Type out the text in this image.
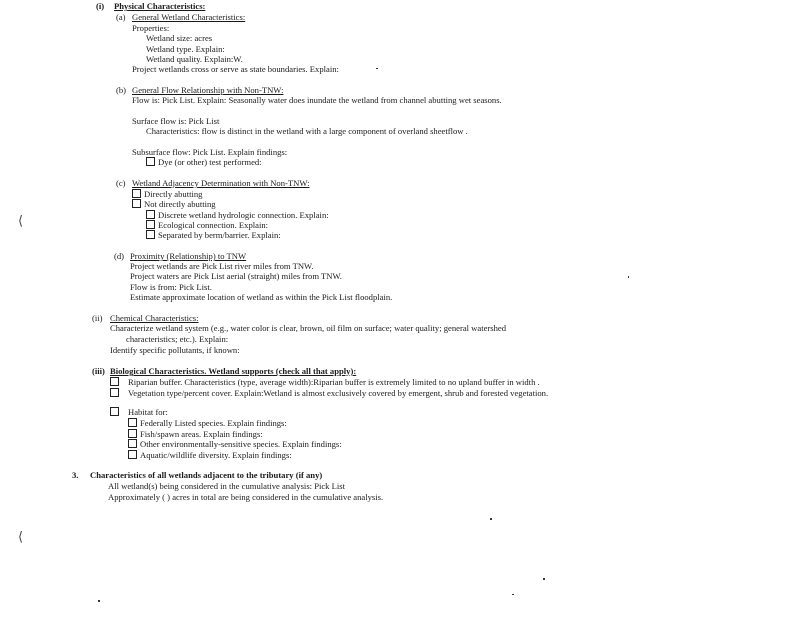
(i) Physical Characteristics:
(a) General Wetland Characteristics:
Properties:
Wetland size: acres
Wetland type. Explain:
Wetland quality. Explain:W.
Project wetlands cross or serve as state boundaries. Explain:
(b) General Flow Relationship with Non-TNW:
Flow is: Pick List. Explain: Seasonally water does inundate the wetland from channel abutting wet seasons.
Surface flow is: Pick List
Characteristics: flow is distinct in the wetland with a large component of overland sheetflow .
Subsurface flow: Pick List. Explain findings:
Dye (or other) test performed:
(c) Wetland Adjacency Determination with Non-TNW:
Directly abutting
Not directly abutting
Discrete wetland hydrologic connection. Explain:
Ecological connection. Explain:
Separated by berm/barrier. Explain:
(d) Proximity (Relationship) to TNW
Project wetlands are Pick List river miles from TNW.
Project waters are Pick List aerial (straight) miles from TNW.
Flow is from: Pick List.
Estimate approximate location of wetland as within the Pick List floodplain.
(ii) Chemical Characteristics:
Characterize wetland system (e.g., water color is clear, brown, oil film on surface; water quality; general watershed
characteristics; etc.). Explain:
Identify specific pollutants, if known:
(iii) Biological Characteristics. Wetland supports (check all that apply):
Riparian buffer. Characteristics (type, average width):Riparian buffer is extremely limited to no upland buffer in width .
Vegetation type/percent cover. Explain:Wetland is almost exclusively covered by emergent, shrub and forested vegetation.
Habitat for:
Federally Listed species. Explain findings:
Fish/spawn areas. Explain findings:
Other environmentally-sensitive species. Explain findings:
Aquatic/wildlife diversity. Explain findings:
3. Characteristics of all wetlands adjacent to the tributary (if any)
All wetland(s) being considered in the cumulative analysis: Pick List
Approximately ( ) acres in total are being considered in the cumulative analysis.
⟨
⟨
